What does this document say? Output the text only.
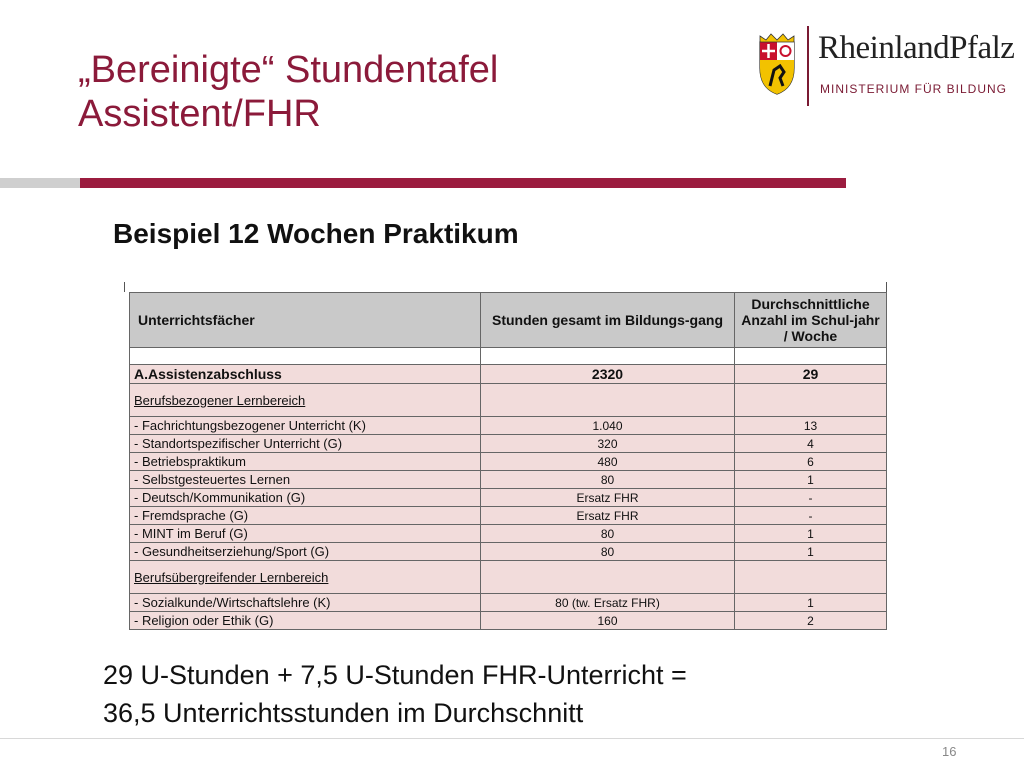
„Bereinigte“ Stundentafel
Assistent/FHR
RheinlandPfalz
MINISTERIUM FÜR BILDUNG
Beispiel 12 Wochen Praktikum
Unterrichtsfächer	Stunden gesamt im Bildungs-gang	Durchschnittliche Anzahl im Schul-jahr / Woche

A.Assistenzabschluss	2320	29
Berufsbezogener Lernbereich		
- Fachrichtungsbezogener Unterricht (K)	1.040	13
- Standortspezifischer Unterricht (G)	320	4
- Betriebspraktikum	480	6
- Selbstgesteuertes Lernen	80	1
- Deutsch/Kommunikation (G)	Ersatz FHR	-
- Fremdsprache (G)	Ersatz FHR	-
- MINT im Beruf (G)	80	1
- Gesundheitserziehung/Sport (G)	80	1
Berufsübergreifender Lernbereich		
- Sozialkunde/Wirtschaftslehre (K)	80 (tw. Ersatz FHR)	1
- Religion oder Ethik (G)	160	2
29 U-Stunden + 7,5 U-Stunden FHR-Unterricht =
36,5 Unterrichtsstunden im Durchschnitt
16
